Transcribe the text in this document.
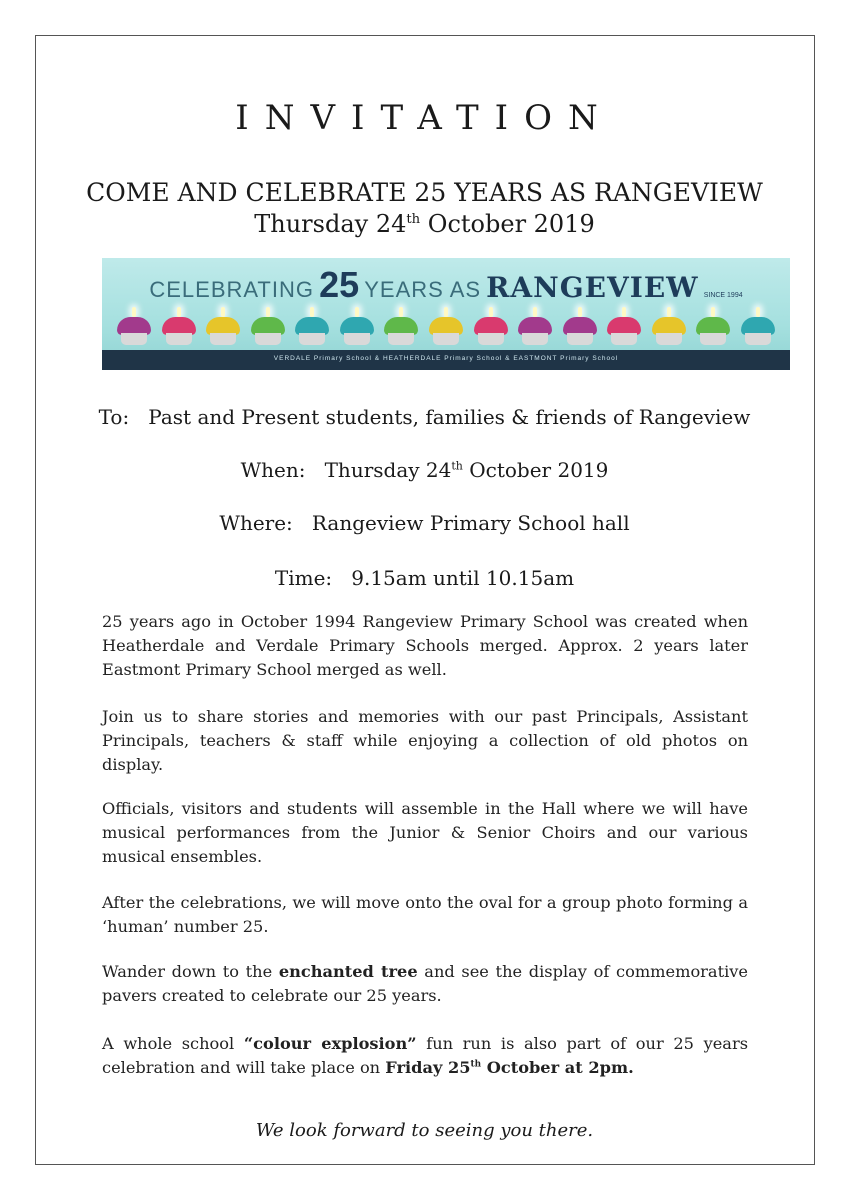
INVITATION
COME AND CELEBRATE 25 YEARS AS RANGEVIEW
Thursday 24th October 2019
CELEBRATING 25 YEARS AS RANGEVIEW SINCE 1994
VERDALE Primary School & HEATHERDALE Primary School & EASTMONT Primary School
To: Past and Present students, families & friends of Rangeview
When: Thursday 24th October 2019
Where: Rangeview Primary School hall
Time: 9.15am until 10.15am
25 years ago in October 1994 Rangeview Primary School was created when Heatherdale and Verdale Primary Schools merged. Approx. 2 years later Eastmont Primary School merged as well.
Join us to share stories and memories with our past Principals, Assistant Principals, teachers & staff while enjoying a collection of old photos on display.
Officials, visitors and students will assemble in the Hall where we will have musical performances from the Junior & Senior Choirs and our various musical ensembles.
After the celebrations, we will move onto the oval for a group photo forming a ‘human’ number 25.
Wander down to the enchanted tree and see the display of commemorative pavers created to celebrate our 25 years.
A whole school “colour explosion” fun run is also part of our 25 years celebration and will take place on Friday 25th October at 2pm.
We look forward to seeing you there.
